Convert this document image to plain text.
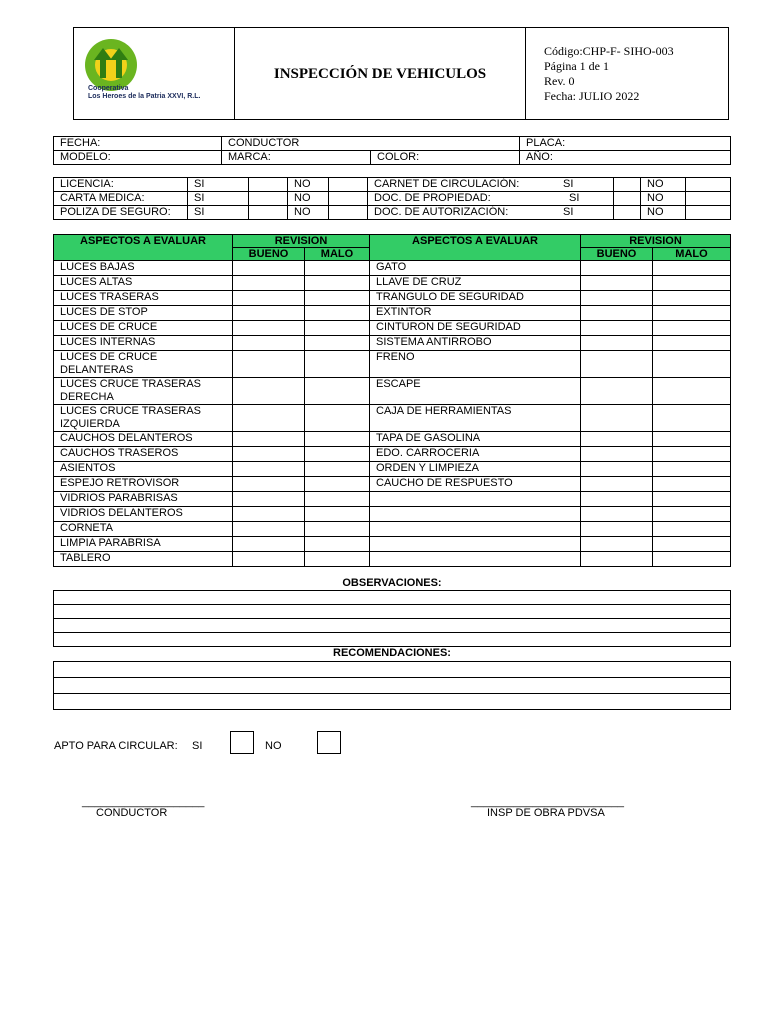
Cooperativa
Los Heroes de la Patria XXVI, R.L.
	INSPECCIÓN DE VEHICULOS	
Código:CHP-F- SIHO-003
Página 1 de 1
Rev. 0
Fecha: JULIO 2022
FECHA:	CONDUCTOR		PLACA:
MODELO:	MARCA:	COLOR:	AÑO:
LICENCIA:	SI		NO		CARNET DE CIRCULACIÓN:	SI		NO	
CARTA MEDICA:	SI		NO		DOC. DE PROPIEDAD:	SI		NO	
POLIZA DE SEGURO:	SI		NO		DOC. DE AUTORIZACIÓN:	SI		NO	
ASPECTOS A EVALUAR	REVISION		ASPECTOS A EVALUAR	REVISION	
	BUENO	MALO		BUENO	MALO
LUCES BAJAS			GATO		
LUCES ALTAS			LLAVE DE CRUZ		
LUCES TRASERAS			TRANGULO DE SEGURIDAD		
LUCES DE STOP			EXTINTOR		
LUCES DE CRUCE			CINTURON DE SEGURIDAD		
LUCES INTERNAS			SISTEMA ANTIRROBO		
LUCES DE CRUCE DELANTERAS			FRENO		
LUCES CRUCE TRASERAS DERECHA			ESCAPE		
LUCES CRUCE TRASERAS IZQUIERDA			CAJA DE HERRAMIENTAS		
CAUCHOS DELANTEROS			TAPA DE GASOLINA		
CAUCHOS TRASEROS			EDO. CARROCERIA		
ASIENTOS			ORDEN Y LIMPIEZA		
ESPEJO RETROVISOR			CAUCHO DE RESPUESTO		
VIDRIOS PARABRISAS					
VIDRIOS DELANTEROS					
CORNETA					
LIMPIA PARABRISA					
TABLERO					
OBSERVACIONES:

RECOMENDACIONES:

APTO PARA CIRCULAR: SI	NO
____________________
CONDUCTOR
_________________________
INSP DE OBRA PDVSA
